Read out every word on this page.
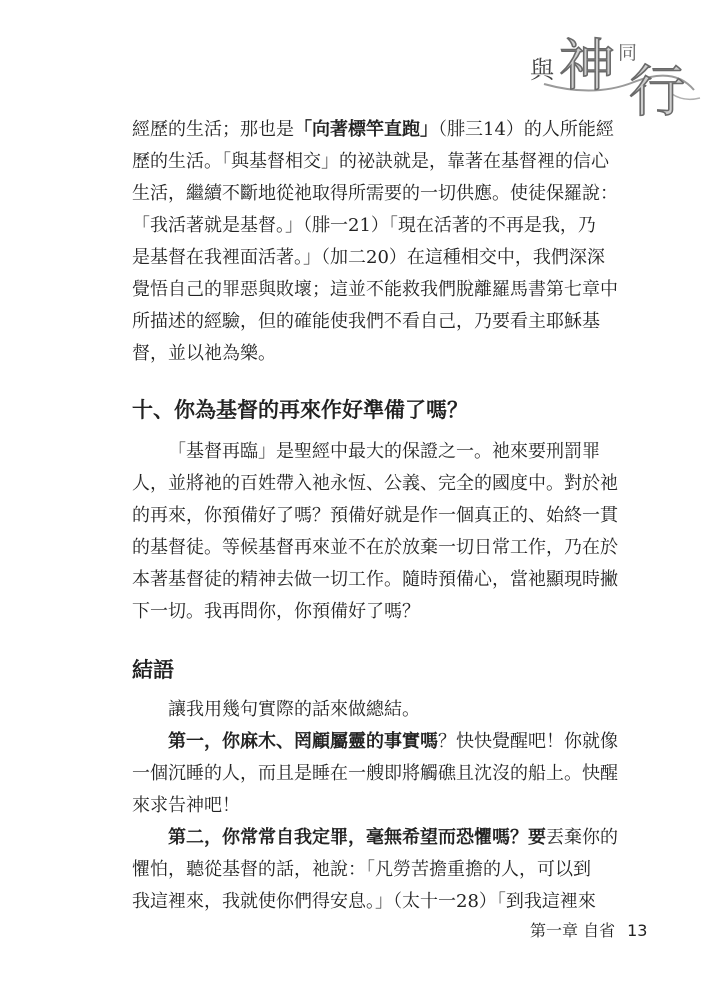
與 神 同
行

經歷的生活；那也是「向著標竿直跑」（腓三14）的人所能經

歷的生活。「與基督相交」的祕訣就是，靠著在基督裡的信心

生活，繼續不斷地從祂取得所需要的一切供應。使徒保羅說：

「我活著就是基督。」（腓一21）「現在活著的不再是我，乃

是基督在我裡面活著。」（加二20）在這種相交中，我們深深

覺悟自己的罪惡與敗壞；這並不能救我們脫離羅馬書第七章中

所描述的經驗，但的確能使我們不看自己，乃要看主耶穌基

督，並以祂為樂。

十、你為基督的再來作好準備了嗎？

「基督再臨」是聖經中最大的保證之一。祂來要刑罰罪

人，並將祂的百姓帶入祂永恆、公義、完全的國度中。對於祂

的再來，你預備好了嗎？預備好就是作一個真正的、始終一貫

的基督徒。等候基督再來並不在於放棄一切日常工作，乃在於

本著基督徒的精神去做一切工作。隨時預備心，當祂顯現時撇

下一切。我再問你，你預備好了嗎？

結語

讓我用幾句實際的話來做總結。

第一，你麻木、罔顧屬靈的事實嗎？快快覺醒吧！你就像

一個沉睡的人，而且是睡在一艘即將觸礁且沈沒的船上。快醒

來求告神吧！

第二，你常常自我定罪，毫無希望而恐懼嗎？要丟棄你的

懼怕，聽從基督的話，祂說：「凡勞苦擔重擔的人，可以到

我這裡來，我就使你們得安息。」（太十一28）「到我這裡來

第一章 自省 13
